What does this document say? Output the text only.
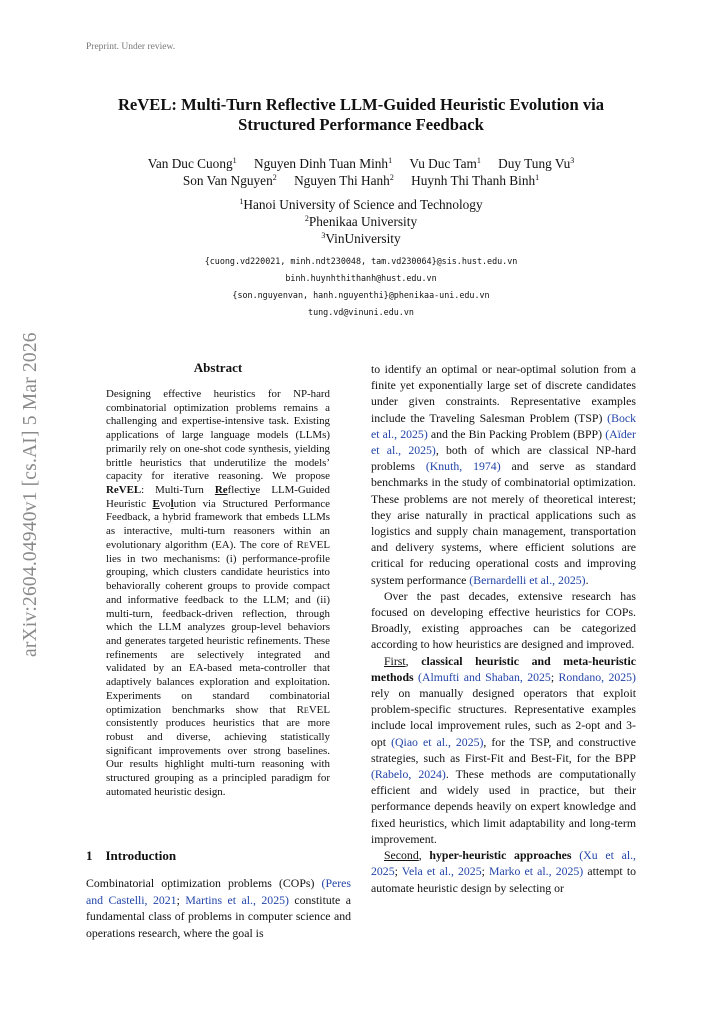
Preprint. Under review.
arXiv:2604.04940v1 [cs.AI] 5 Mar 2026
ReVEL: Multi-Turn Reflective LLM-Guided Heuristic Evolution via Structured Performance Feedback
Van Duc Cuong$^1$ Nguyen Dinh Tuan Minh$^1$ Vu Duc Tam$^1$ Duy Tung Vu$^3$
Son Van Nguyen$^2$ Nguyen Thi Hanh$^2$ Huynh Thi Thanh Binh$^1$
$^1$Hanoi University of Science and Technology
$^2$Phenikaa University
$^3$VinUniversity
{cuong.vd220021, minh.ndt230048, tam.vd230064}@sis.hust.edu.vn
binh.huynhthithanh@hust.edu.vn
{son.nguyenvan, hanh.nguyenthi}@phenikaa-uni.edu.vn
tung.vd@vinuni.edu.vn
Abstract
Designing effective heuristics for NP-hard combinatorial optimization problems remains a challenging and expertise-intensive task. Existing applications of large language models (LLMs) primarily rely on one-shot code synthesis, yielding brittle heuristics that underutilize the models’ capacity for iterative reasoning. We propose ReVEL: Multi-Turn Reflective LLM-Guided Heuristic Evolution via Structured Performance Feedback, a hybrid framework that embeds LLMs as interactive, multi-turn reasoners within an evolutionary algorithm (EA). The core of ReVEL lies in two mechanisms: (i) performance-profile grouping, which clusters candidate heuristics into behaviorally coherent groups to provide compact and informative feedback to the LLM; and (ii) multi-turn, feedback-driven reflection, through which the LLM analyzes group-level behaviors and generates targeted heuristic refinements. These refinements are selectively integrated and validated by an EA-based meta-controller that adaptively balances exploration and exploitation. Experiments on standard combinatorial optimization benchmarks show that ReVEL consistently produces heuristics that are more robust and diverse, achieving statistically significant improvements over strong baselines. Our results highlight multi-turn reasoning with structured grouping as a principled paradigm for automated heuristic design.
1 Introduction
Combinatorial optimization problems (COPs) (Peres and Castelli, 2021; Martins et al., 2025) constitute a fundamental class of problems in computer science and operations research, where the goal is

to identify an optimal or near-optimal solution from a finite yet exponentially large set of discrete candidates under given constraints. Representative examples include the Traveling Salesman Problem (TSP) (Bock et al., 2025) and the Bin Packing Problem (BPP) (Aïder et al., 2025), both of which are classical NP-hard problems (Knuth, 1974) and serve as standard benchmarks in the study of combinatorial optimization. These problems are not merely of theoretical interest; they arise naturally in practical applications such as logistics and supply chain management, transportation and delivery systems, where efficient solutions are critical for reducing operational costs and improving system performance (Bernardelli et al., 2025).

Over the past decades, extensive research has focused on developing effective heuristics for COPs. Broadly, existing approaches can be categorized according to how heuristics are designed and improved.

First, classical heuristic and meta-heuristic methods (Almufti and Shaban, 2025; Rondano, 2025) rely on manually designed operators that exploit problem-specific structures. Representative examples include local improvement rules, such as 2-opt and 3-opt (Qiao et al., 2025), for the TSP, and constructive strategies, such as First-Fit and Best-Fit, for the BPP (Rabelo, 2024). These methods are computationally efficient and widely used in practice, but their performance depends heavily on expert knowledge and fixed heuristics, which limit adaptability and long-term improvement.

Second, hyper-heuristic approaches (Xu et al., 2025; Vela et al., 2025; Marko et al., 2025) attempt to automate heuristic design by selecting or
